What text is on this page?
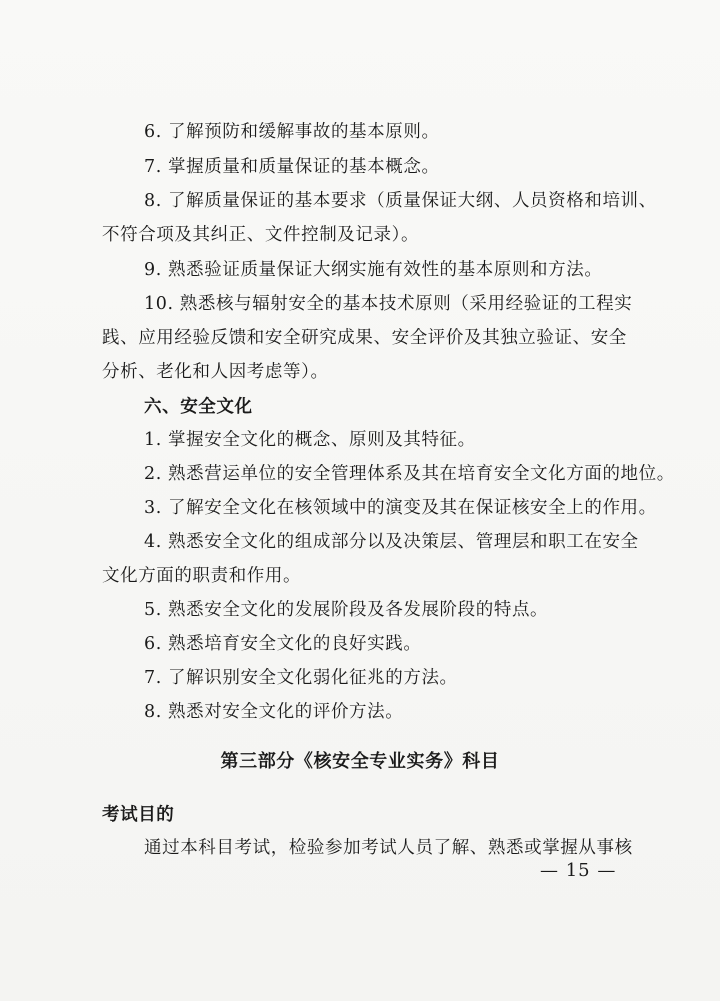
6. 了解预防和缓解事故的基本原则。
7. 掌握质量和质量保证的基本概念。
8. 了解质量保证的基本要求（质量保证大纲、人员资格和培训、
不符合项及其纠正、文件控制及记录）。
9. 熟悉验证质量保证大纲实施有效性的基本原则和方法。
10. 熟悉核与辐射安全的基本技术原则（采用经验证的工程实
践、应用经验反馈和安全研究成果、安全评价及其独立验证、安全
分析、老化和人因考虑等）。
六、安全文化
1. 掌握安全文化的概念、原则及其特征。
2. 熟悉营运单位的安全管理体系及其在培育安全文化方面的地位。
3. 了解安全文化在核领域中的演变及其在保证核安全上的作用。
4. 熟悉安全文化的组成部分以及决策层、管理层和职工在安全
文化方面的职责和作用。
5. 熟悉安全文化的发展阶段及各发展阶段的特点。
6. 熟悉培育安全文化的良好实践。
7. 了解识别安全文化弱化征兆的方法。
8. 熟悉对安全文化的评价方法。
第三部分《核安全专业实务》科目
考试目的
通过本科目考试，检验参加考试人员了解、熟悉或掌握从事核
— 15 —
